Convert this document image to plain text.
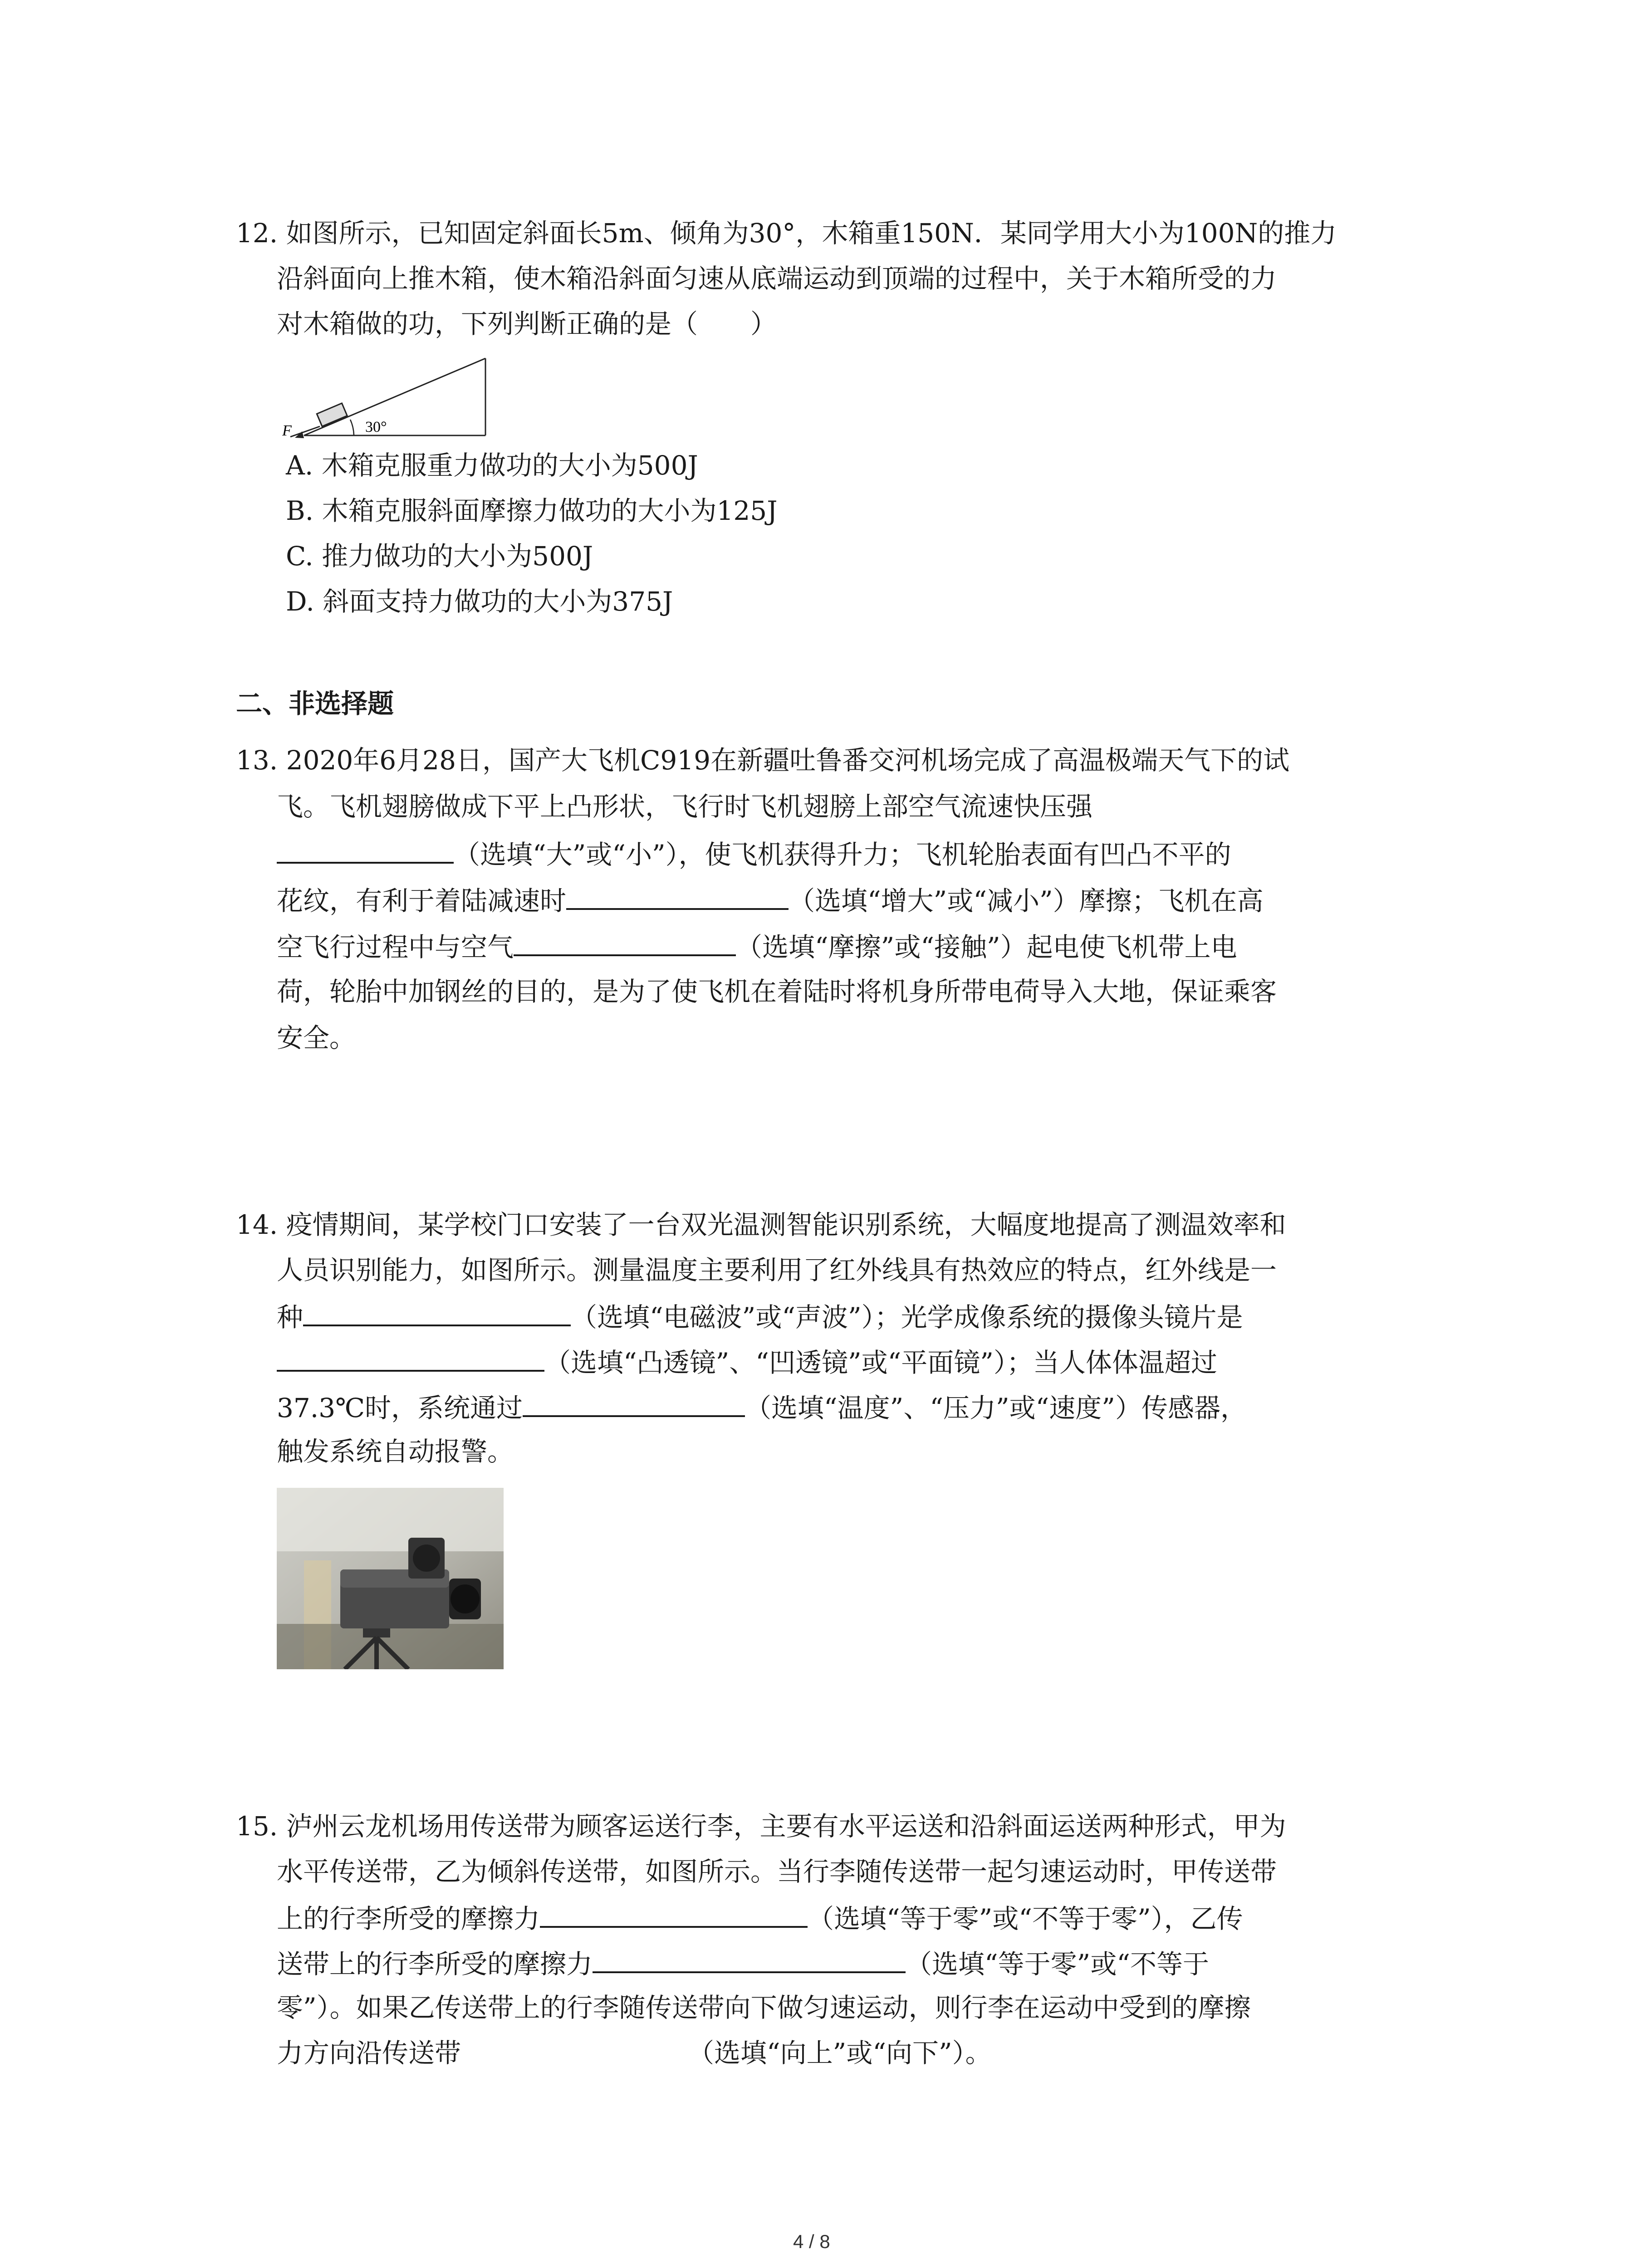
12. 如图所示，已知固定斜面长5m、倾角为30°，木箱重150N．某同学用大小为100N的推力
沿斜面向上推木箱，使木箱沿斜面匀速从底端运动到顶端的过程中，关于木箱所受的力
对木箱做的功，下列判断正确的是（　　）
30°
F
A. 木箱克服重力做功的大小为500J
B. 木箱克服斜面摩擦力做功的大小为125J
C. 推力做功的大小为500J
D. 斜面支持力做功的大小为375J
二、非选择题
13. 2020年6月28日，国产大飞机C919在新疆吐鲁番交河机场完成了高温极端天气下的试
飞。飞机翅膀做成下平上凸形状，飞行时飞机翅膀上部空气流速快压强
（选填“大”或“小”），使飞机获得升力；飞机轮胎表面有凹凸不平的
花纹，有利于着陆减速时	（选填“增大”或“减小”）摩擦；飞机在高
空飞行过程中与空气	（选填“摩擦”或“接触”）起电使飞机带上电
荷，轮胎中加钢丝的目的，是为了使飞机在着陆时将机身所带电荷导入大地，保证乘客
安全。
14. 疫情期间，某学校门口安装了一台双光温测智能识别系统，大幅度地提高了测温效率和
人员识别能力，如图所示。测量温度主要利用了红外线具有热效应的特点，红外线是一
种	（选填“电磁波”或“声波”）；光学成像系统的摄像头镜片是
（选填“凸透镜”、“凹透镜”或“平面镜”）；当人体体温超过
37.3℃时，系统通过	（选填“温度”、“压力”或“速度”）传感器，
触发系统自动报警。
15. 泸州云龙机场用传送带为顾客运送行李，主要有水平运送和沿斜面运送两种形式，甲为
水平传送带，乙为倾斜传送带，如图所示。当行李随传送带一起匀速运动时，甲传送带
上的行李所受的摩擦力	（选填“等于零”或“不等于零”），乙传
送带上的行李所受的摩擦力	（选填“等于零”或“不等于
零”）。如果乙传送带上的行李随传送带向下做匀速运动，则行李在运动中受到的摩擦
力方向沿传送带	（选填“向上”或“向下”）。
4 / 8
